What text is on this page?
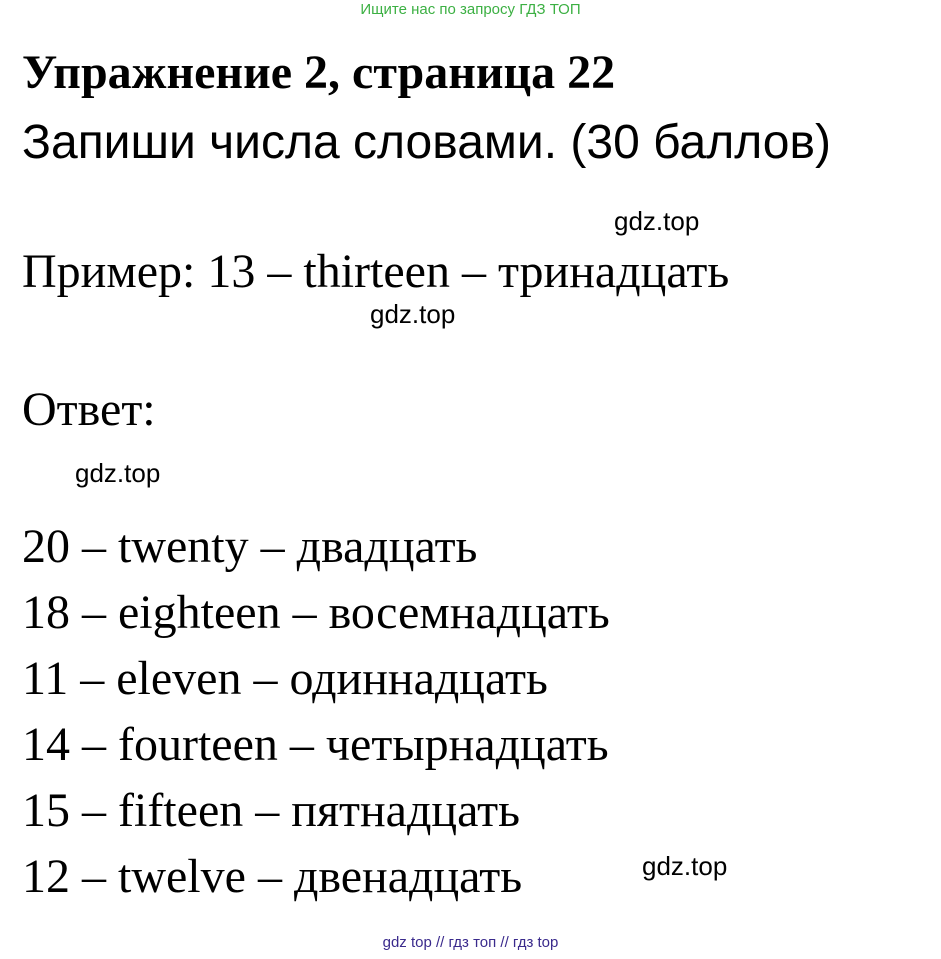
Ищите нас по запросу ГДЗ ТОП
Упражнение 2, страница 22
Запиши числа словами. (30 баллов)
gdz.top
Пример: 13 – thirteen – тринадцать
gdz.top
Ответ:
gdz.top
20 – twenty – двадцать
18 – eighteen – восемнадцать
11 – eleven – одиннадцать
14 – fourteen – четырнадцать
15 – fifteen – пятнадцать
12 – twelve – двенадцать	gdz.top
gdz top // гдз топ // гдз top
